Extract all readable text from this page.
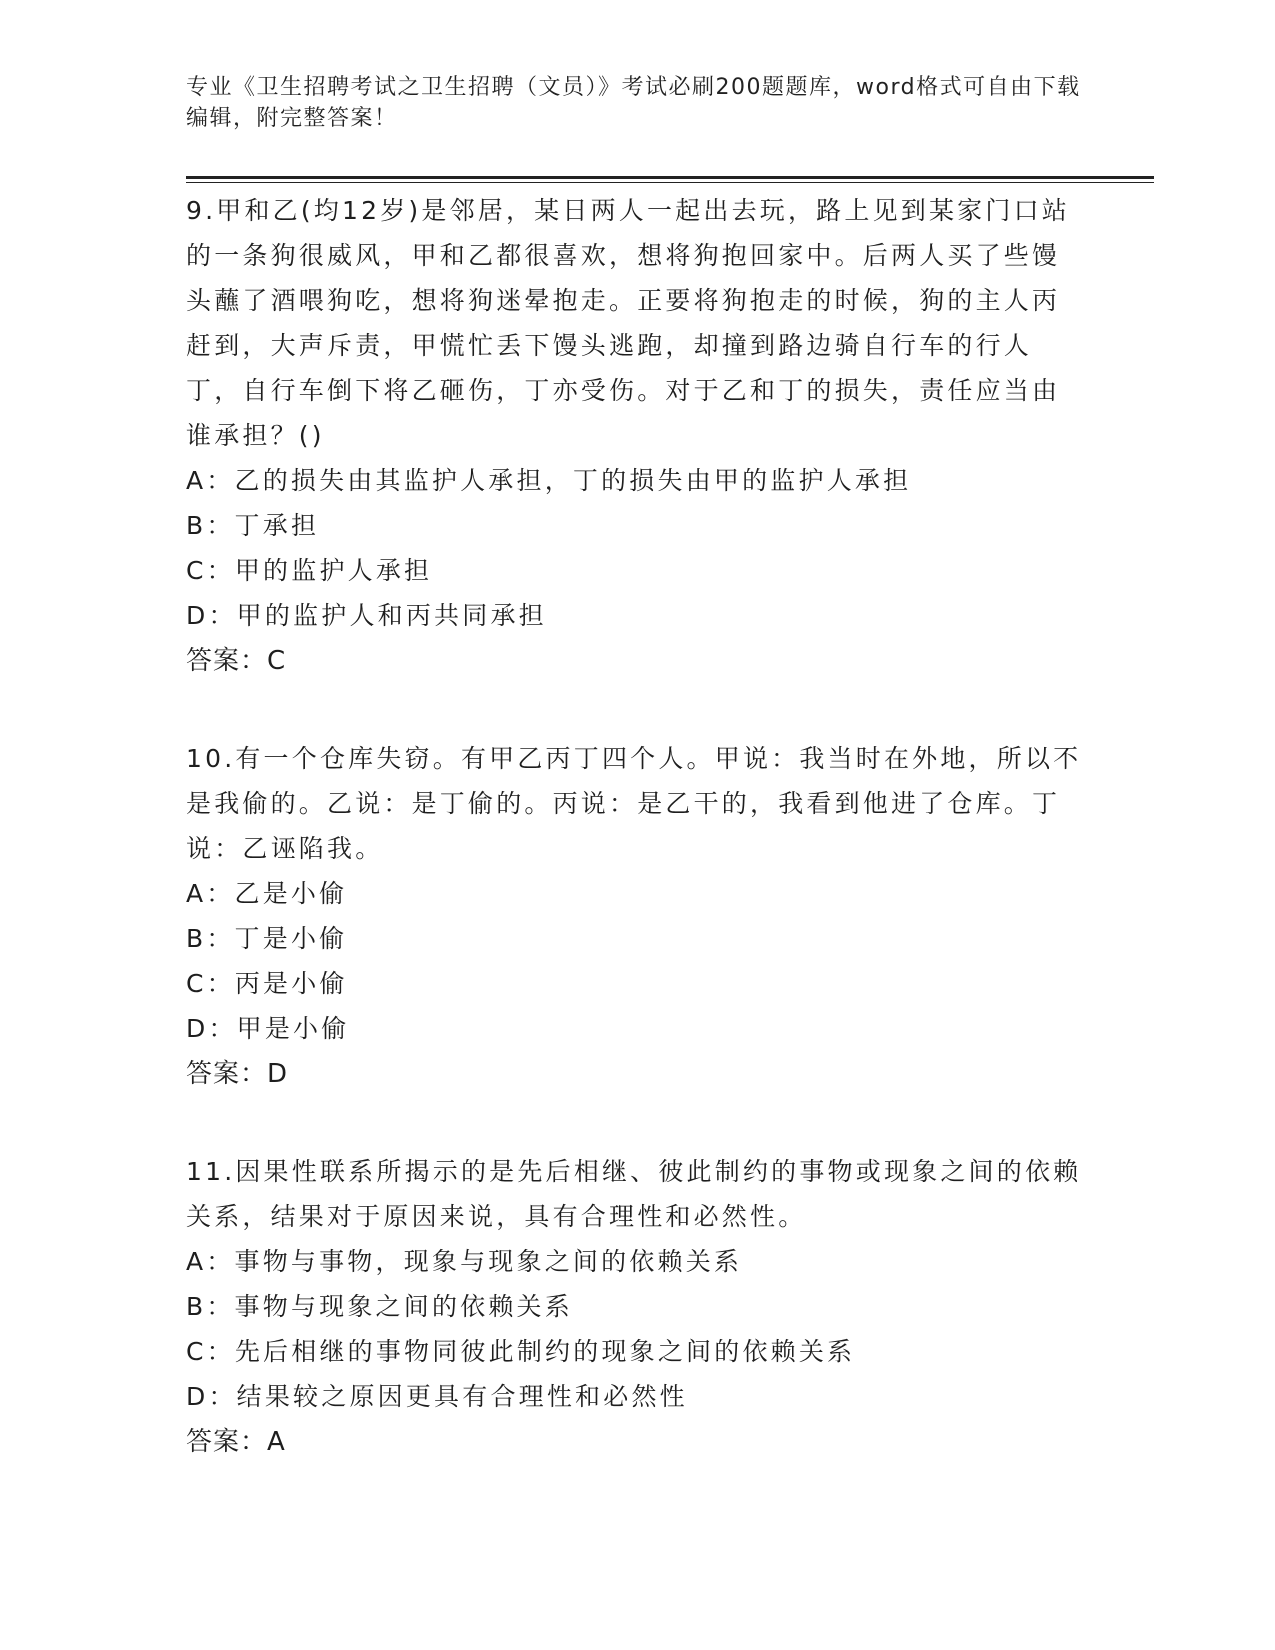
专业《卫生招聘考试之卫生招聘（文员）》考试必刷200题题库，word格式可自由下载编辑，附完整答案！
9.甲和乙(均12岁)是邻居，某日两人一起出去玩，路上见到某家门口站的一条狗很威风，甲和乙都很喜欢，想将狗抱回家中。后两人买了些馒头蘸了酒喂狗吃，想将狗迷晕抱走。正要将狗抱走的时候，狗的主人丙赶到，大声斥责，甲慌忙丢下馒头逃跑，却撞到路边骑自行车的行人丁，自行车倒下将乙砸伤，丁亦受伤。对于乙和丁的损失，责任应当由谁承担？()
A：乙的损失由其监护人承担，丁的损失由甲的监护人承担
B：丁承担
C：甲的监护人承担
D：甲的监护人和丙共同承担
答案：C
10.有一个仓库失窃。有甲乙丙丁四个人。甲说：我当时在外地，所以不是我偷的。乙说：是丁偷的。丙说：是乙干的，我看到他进了仓库。丁说：乙诬陷我。
A：乙是小偷
B：丁是小偷
C：丙是小偷
D：甲是小偷
答案：D
11.因果性联系所揭示的是先后相继、彼此制约的事物或现象之间的依赖关系，结果对于原因来说，具有合理性和必然性。
A：事物与事物，现象与现象之间的依赖关系
B：事物与现象之间的依赖关系
C：先后相继的事物同彼此制约的现象之间的依赖关系
D：结果较之原因更具有合理性和必然性
答案：A
